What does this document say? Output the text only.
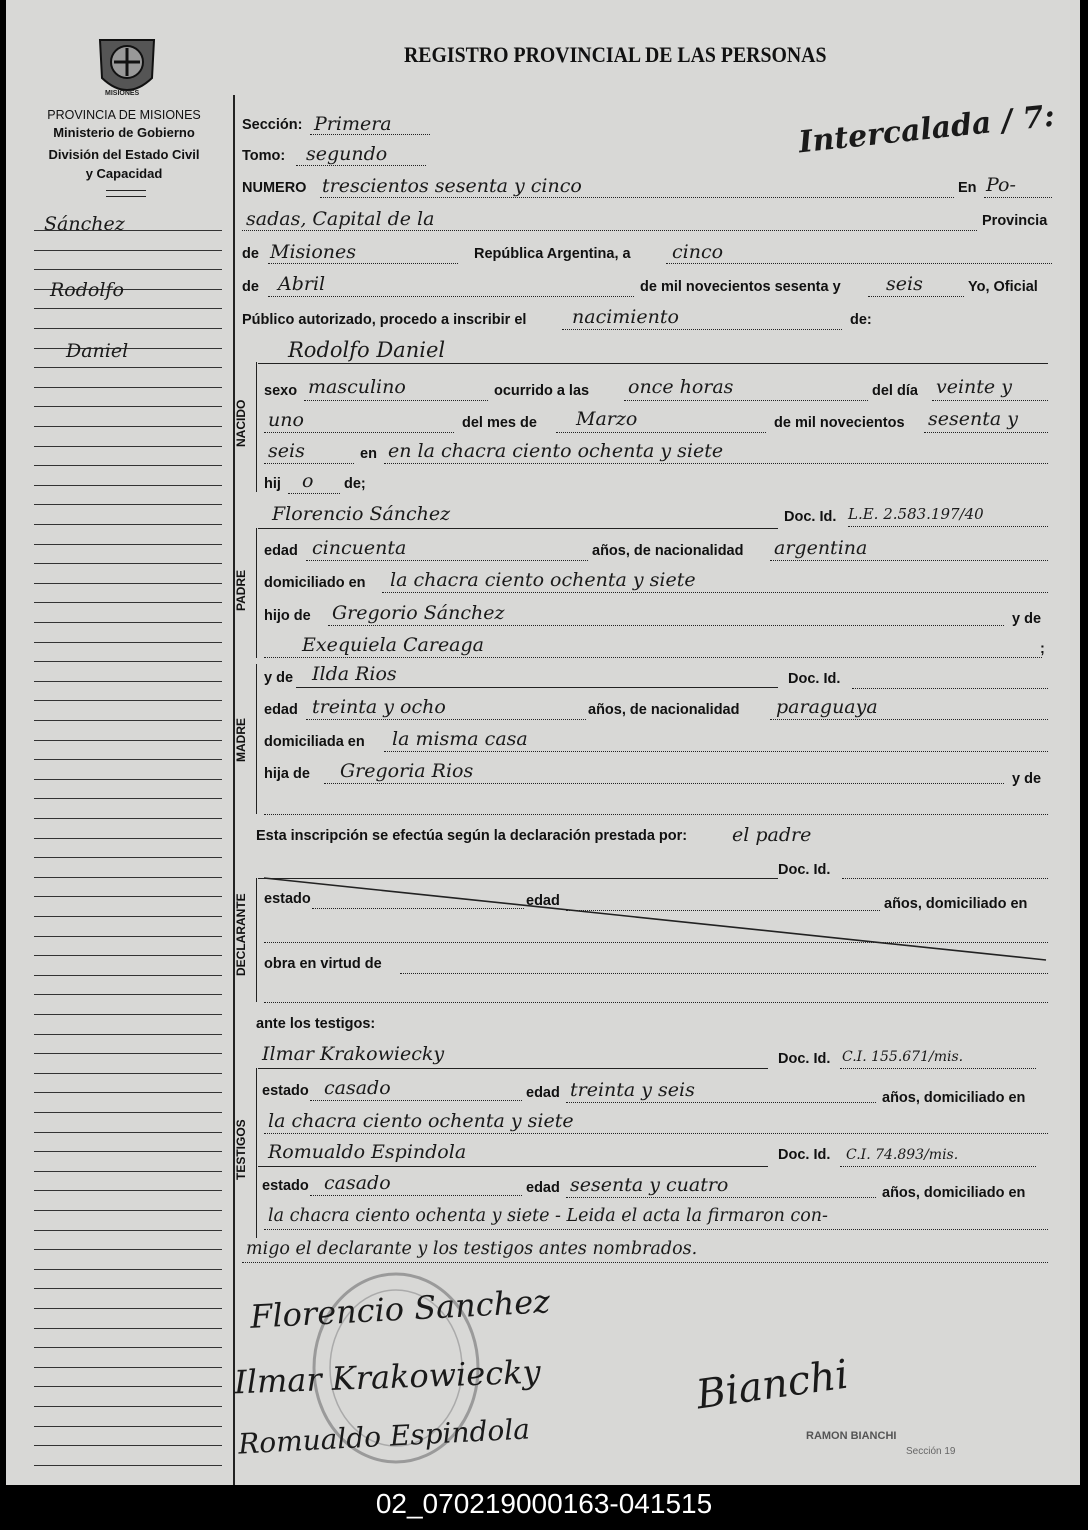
MISIONES
PROVINCIA DE MISIONES
Ministerio de Gobierno
División del Estado Civil
y Capacidad
Sánchez
Rodolfo
Daniel
REGISTRO PROVINCIAL DE LAS PERSONAS
Intercalada / 7:
Sección: Primera
Tomo: segundo
NUMERO trescientos sesenta y cinco	En Po-
sadas, Capital de la	Provincia
de Misiones	República Argentina, a cinco
de Abril	de mil novecientos sesenta y seis	Yo, Oficial
Público autorizado, procedo a inscribir el nacimiento	de:
NACIDO
Rodolfo Daniel
sexo masculino	ocurrido a las once horas	del día veinte y
uno	del mes de Marzo	de mil novecientos sesenta y
seis	en en la chacra ciento ochenta y siete
hij o de;
PADRE
Florencio Sánchez	Doc. Id. L.E. 2.583.197/40
edad cincuenta	años, de nacionalidad argentina
domiciliado en la chacra ciento ochenta y siete
hijo de Gregorio Sánchez	y de
Exequiela Careaga	;
MADRE
y de Ilda Rios	Doc. Id.
edad treinta y ocho	años, de nacionalidad paraguaya
domiciliada en la misma casa
hija de Gregoria Rios	y de
Esta inscripción se efectúa según la declaración prestada por: el padre
DECLARANTE
Doc. Id.
estado	edad	años, domiciliado en
obra en virtud de
ante los testigos:
TESTIGOS
Ilmar Krakowiecky	Doc. Id. C.I. 155.671/mis.
estado casado	edad treinta y seis	años, domiciliado en
la chacra ciento ochenta y siete
Romualdo Espindola	Doc. Id. C.I. 74.893/mis.
estado casado	edad sesenta y cuatro	años, domiciliado en
la chacra ciento ochenta y siete - Leida el acta la firmaron con-
migo el declarante y los testigos antes nombrados.
Florencio Sanchez
Ilmar Krakowiecky
Romualdo Espindola
Bianchi
RAMON BIANCHI
Sección 19
02_070219000163-041515
